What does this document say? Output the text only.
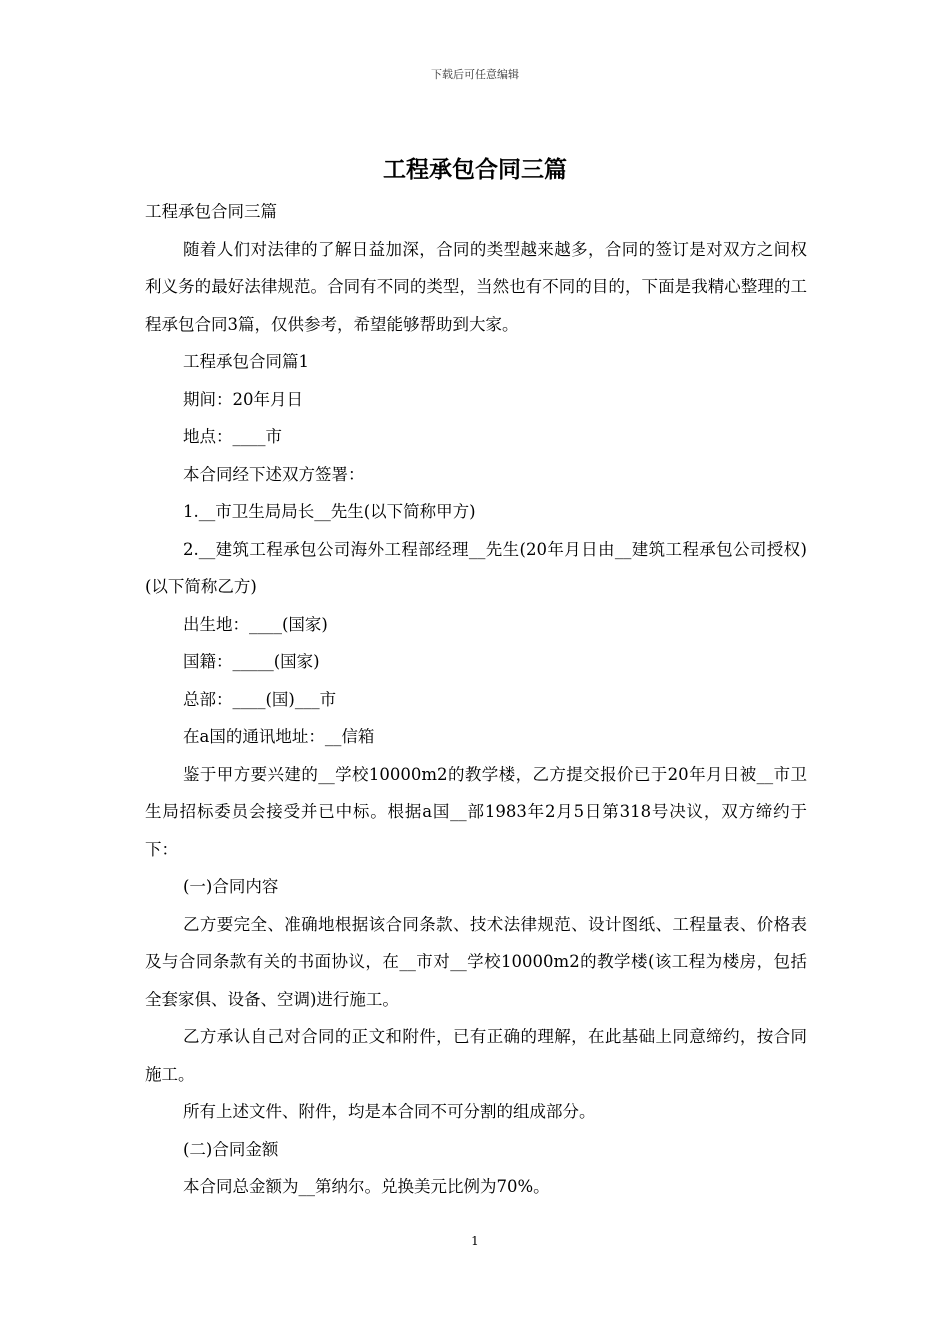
下载后可任意编辑
工程承包合同三篇

工程承包合同三篇

随着人们对法律的了解日益加深，合同的类型越来越多，合同的签订是对双方之间权利义务的最好法律规范。合同有不同的类型，当然也有不同的目的，下面是我精心整理的工程承包合同3篇，仅供参考，希望能够帮助到大家。

工程承包合同篇1

期间：20年月日

地点：____市

本合同经下述双方签署：

1.__市卫生局局长__先生(以下简称甲方)

2.__建筑工程承包公司海外工程部经理__先生(20年月日由__建筑工程承包公司授权)(以下简称乙方)

出生地：____(国家)

国籍：_____(国家)

总部：____(国)___市

在a国的通讯地址：__信箱

鉴于甲方要兴建的__学校10000m2的教学楼，乙方提交报价已于20年月日被__市卫生局招标委员会接受并已中标。根据a国__部1983年2月5日第318号决议，双方缔约于下：

(一)合同内容

乙方要完全、准确地根据该合同条款、技术法律规范、设计图纸、工程量表、价格表及与合同条款有关的书面协议，在__市对__学校10000m2的教学楼(该工程为楼房，包括全套家俱、设备、空调)进行施工。

乙方承认自己对合同的正文和附件，已有正确的理解，在此基础上同意缔约，按合同施工。

所有上述文件、附件，均是本合同不可分割的组成部分。

(二)合同金额

本合同总金额为__第纳尔。兑换美元比例为70%。

1
